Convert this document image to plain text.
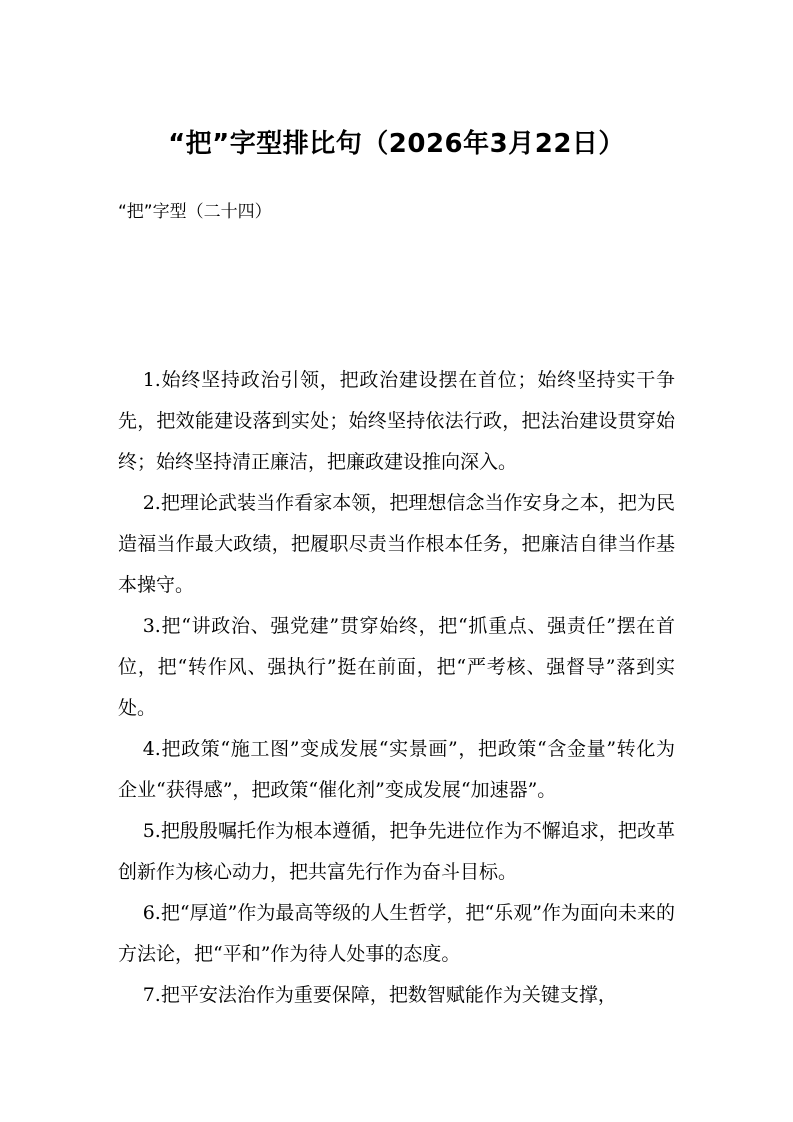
“把”字型排比句（2026年3月22日）

“把”字型（二十四）

1.始终坚持政治引领，把政治建设摆在首位；始终坚持实干争先，把效能建设落到实处；始终坚持依法行政，把法治建设贯穿始终；始终坚持清正廉洁，把廉政建设推向深入。

2.把理论武装当作看家本领，把理想信念当作安身之本，把为民造福当作最大政绩，把履职尽责当作根本任务，把廉洁自律当作基本操守。

3.把“讲政治、强党建”贯穿始终，把“抓重点、强责任”摆在首位，把“转作风、强执行”挺在前面，把“严考核、强督导”落到实处。

4.把政策“施工图”变成发展“实景画”，把政策“含金量”转化为企业“获得感”，把政策“催化剂”变成发展“加速器”。

5.把殷殷嘱托作为根本遵循，把争先进位作为不懈追求，把改革创新作为核心动力，把共富先行作为奋斗目标。

6.把“厚道”作为最高等级的人生哲学，把“乐观”作为面向未来的方法论，把“平和”作为待人处事的态度。

7.把平安法治作为重要保障，把数智赋能作为关键支撑，
